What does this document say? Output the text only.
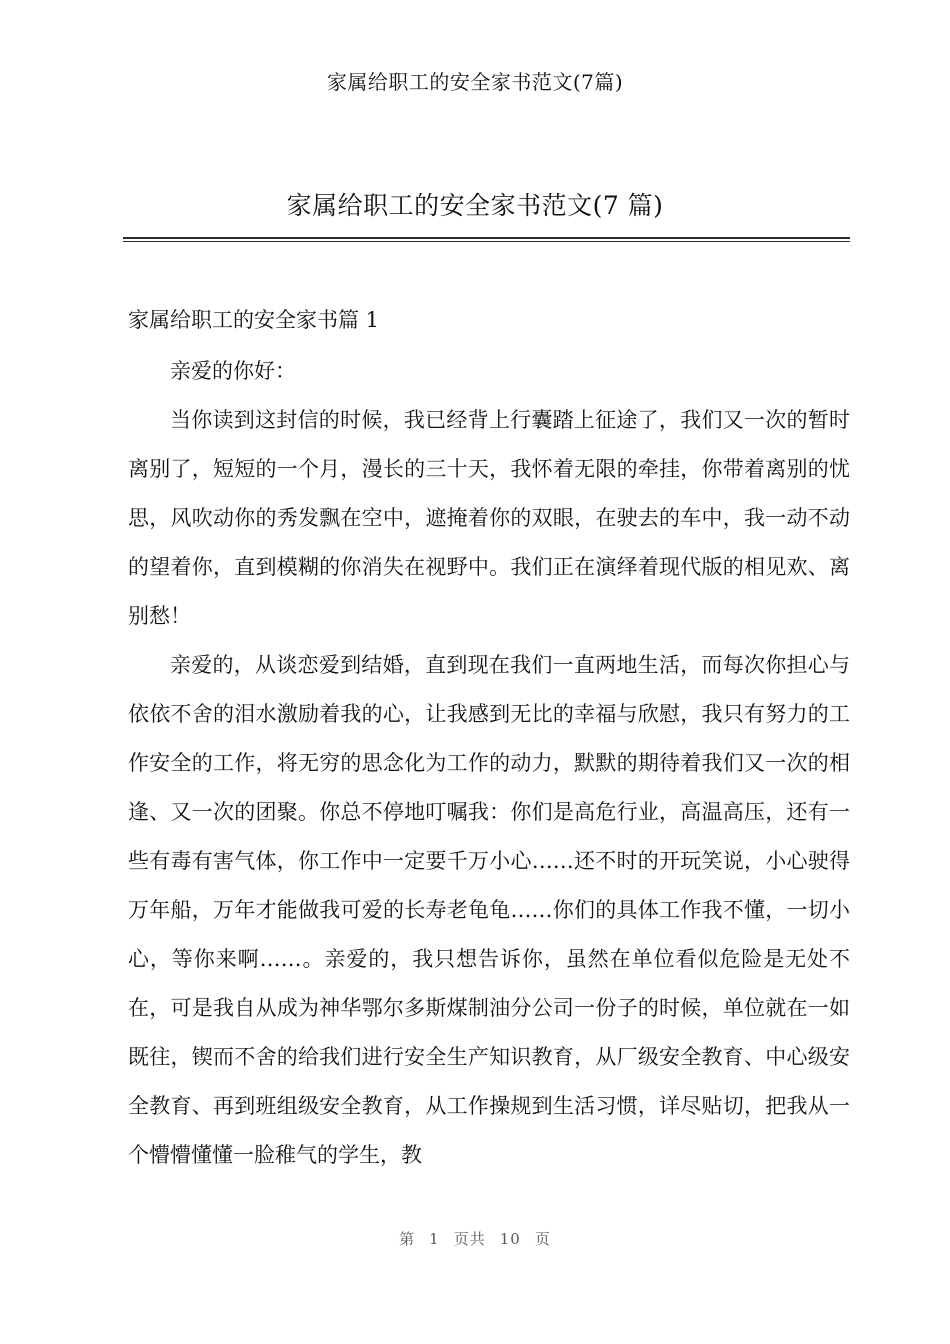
家属给职工的安全家书范文(7篇)
家属给职工的安全家书范文(7 篇)
家属给职工的安全家书篇 1

亲爱的你好：

当你读到这封信的时候，我已经背上行囊踏上征途了，我们又一次的暂时离别了，短短的一个月，漫长的三十天，我怀着无限的牵挂，你带着离别的忧思，风吹动你的秀发飘在空中，遮掩着你的双眼，在驶去的车中，我一动不动的望着你，直到模糊的你消失在视野中。我们正在演绎着现代版的相见欢、离别愁！

亲爱的，从谈恋爱到结婚，直到现在我们一直两地生活，而每次你担心与依依不舍的泪水激励着我的心，让我感到无比的幸福与欣慰，我只有努力的工作安全的工作，将无穷的思念化为工作的动力，默默的期待着我们又一次的相逢、又一次的团聚。你总不停地叮嘱我：你们是高危行业，高温高压，还有一些有毒有害气体，你工作中一定要千万小心……还不时的开玩笑说，小心驶得万年船，万年才能做我可爱的长寿老龟龟……你们的具体工作我不懂，一切小心，等你来啊……。亲爱的，我只想告诉你，虽然在单位看似危险是无处不在，可是我自从成为神华鄂尔多斯煤制油分公司一份子的时候，单位就在一如既往，锲而不舍的给我们进行安全生产知识教育，从厂级安全教育、中心级安全教育、再到班组级安全教育，从工作操规到生活习惯，详尽贴切，把我从一个懵懵懂懂一脸稚气的学生，教

第 1 页共 10 页
